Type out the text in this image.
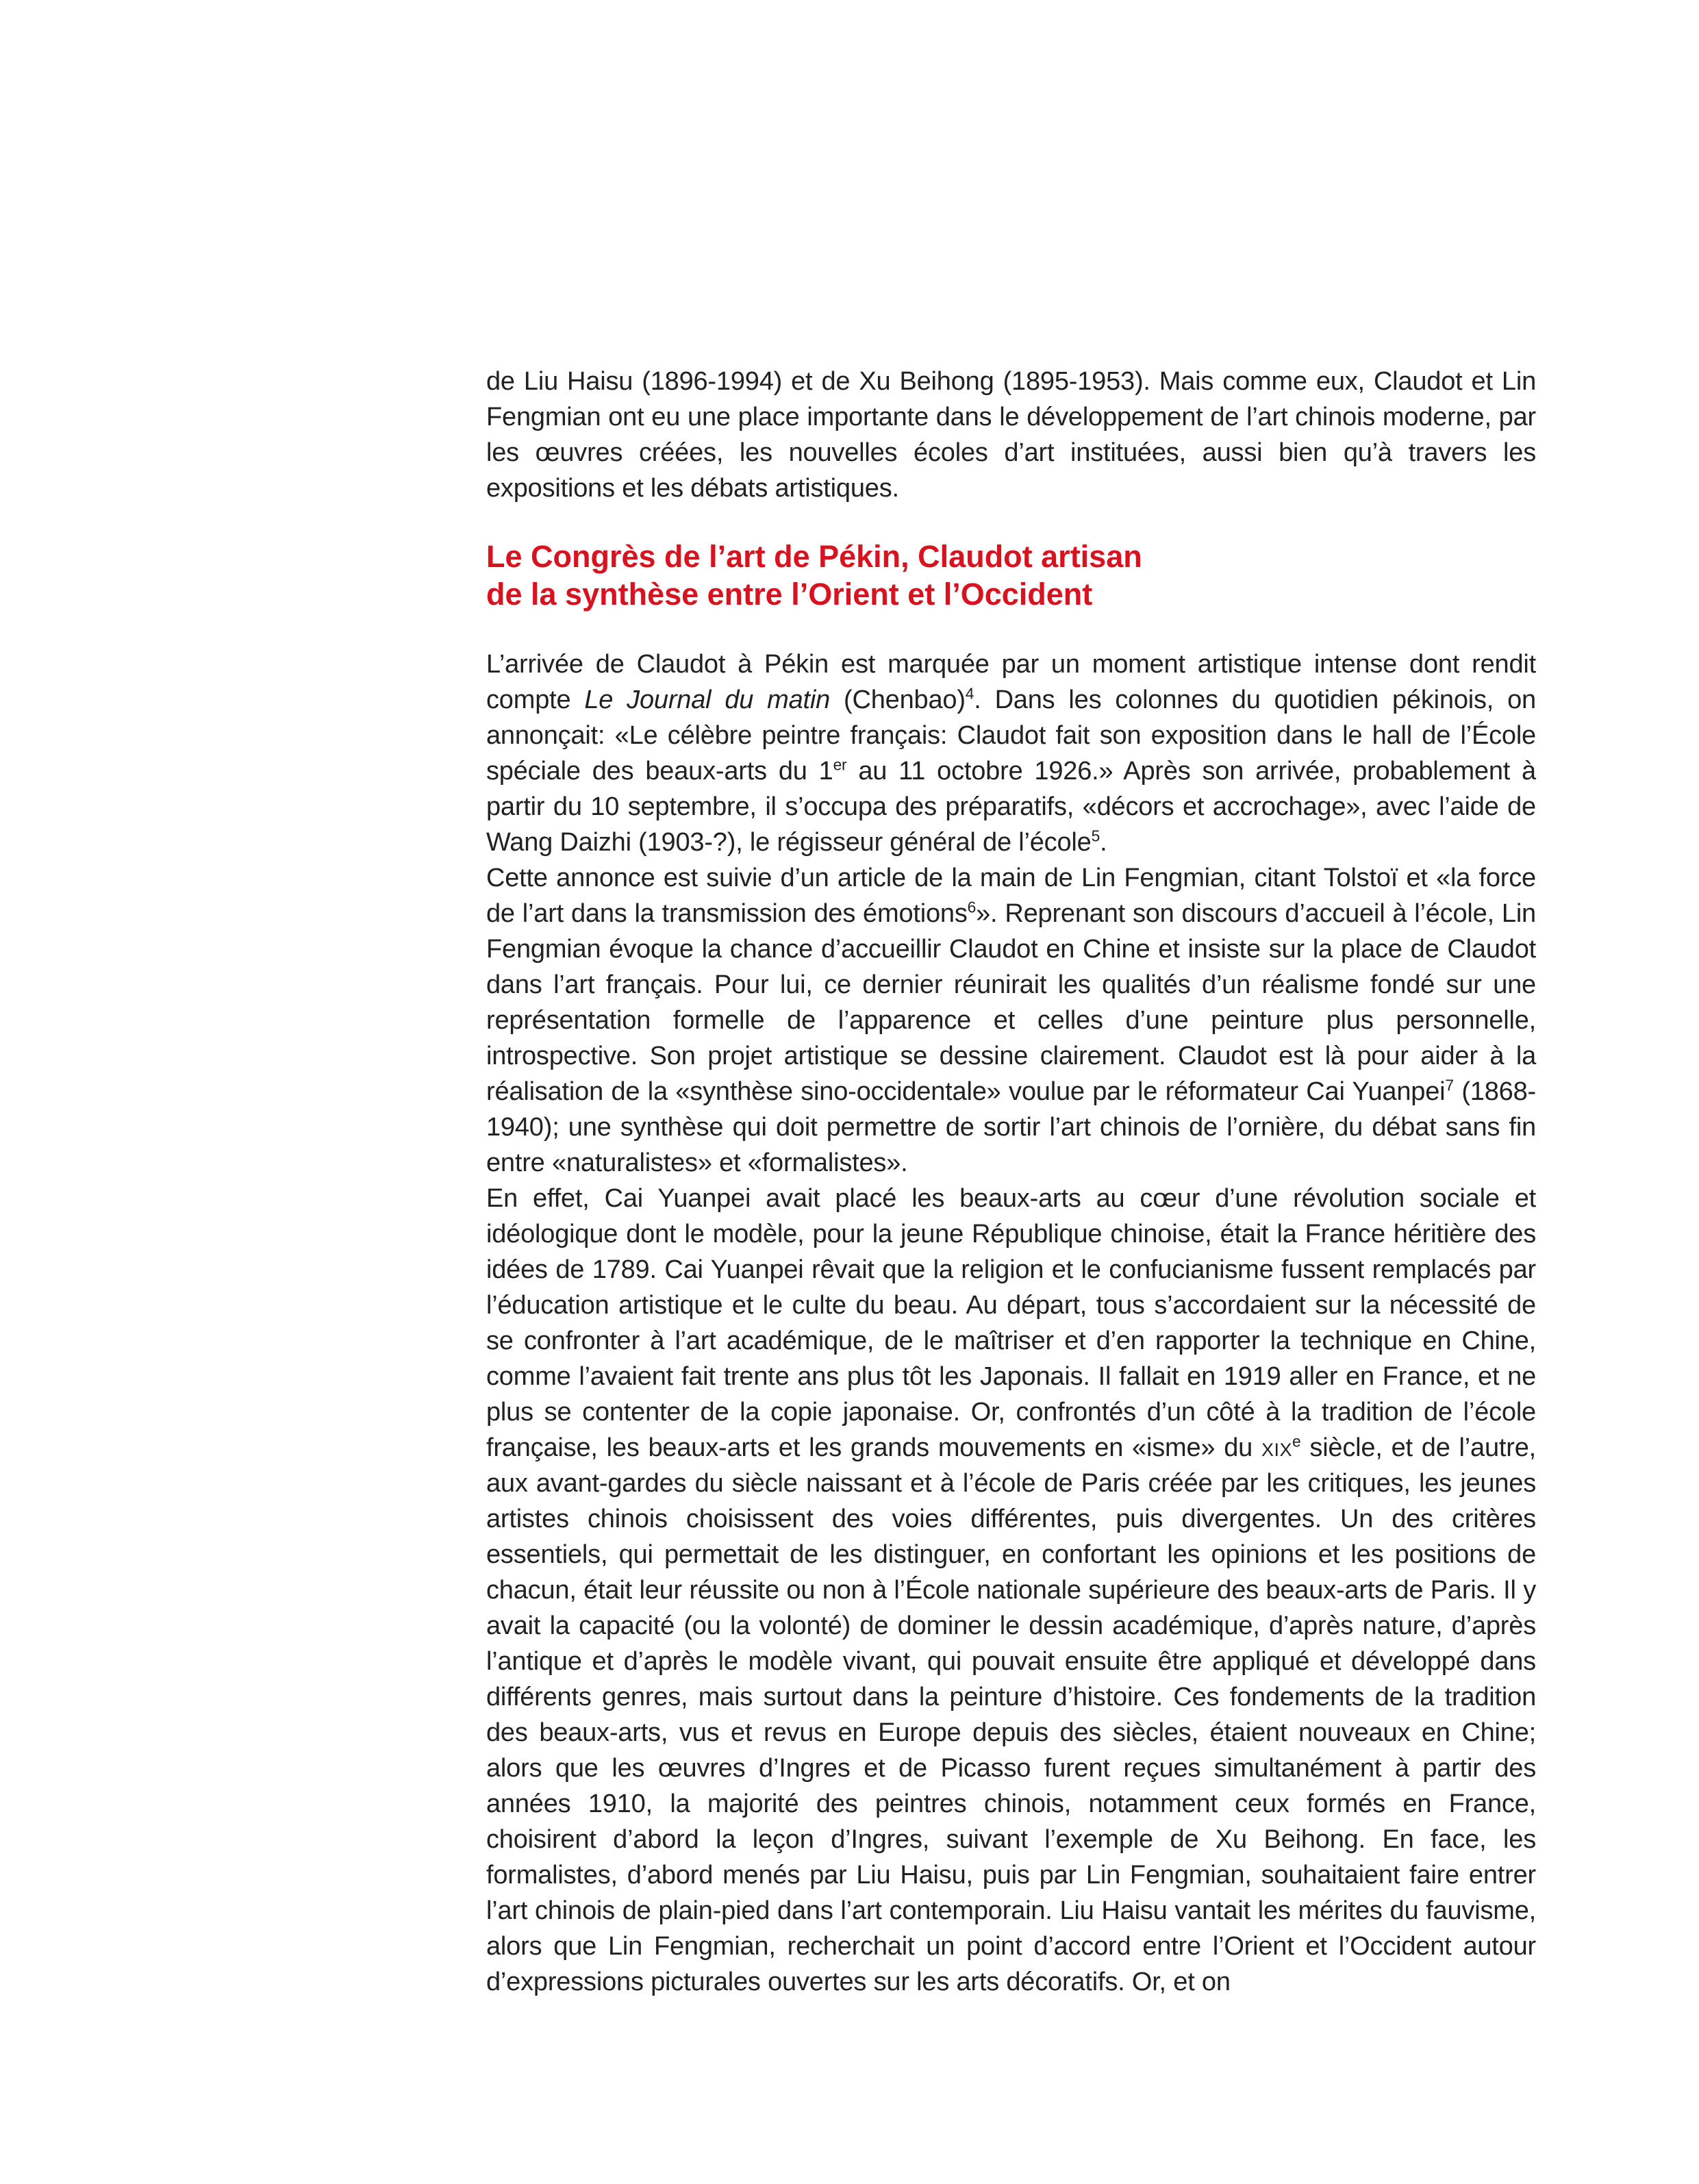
de Liu Haisu (1896-1994) et de Xu Beihong (1895-1953). Mais comme eux, Claudot et Lin Fengmian ont eu une place importante dans le développement de l’art chinois moderne, par les œuvres créées, les nouvelles écoles d’art instituées, aussi bien qu’à travers les expositions et les débats artistiques.

Le Congrès de l’art de Pékin, Claudot artisan
de la synthèse entre l’Orient et l’Occident

L’arrivée de Claudot à Pékin est marquée par un moment artistique intense dont rendit compte Le Journal du matin (Chenbao)$^4$. Dans les colonnes du quotidien pékinois, on annonçait: «Le célèbre peintre français: Claudot fait son exposition dans le hall de l’École spéciale des beaux-arts du 1er au 11 octobre 1926.» Après son arrivée, probablement à partir du 10 septembre, il s’occupa des préparatifs, «décors et accrochage», avec l’aide de Wang Daizhi (1903-?), le régisseur général de l’école$^5$.

Cette annonce est suivie d’un article de la main de Lin Fengmian, citant Tolstoï et «la force de l’art dans la transmission des émotions$^6$». Reprenant son discours d’accueil à l’école, Lin Fengmian évoque la chance d’accueillir Claudot en Chine et insiste sur la place de Claudot dans l’art français. Pour lui, ce dernier réunirait les qualités d’un réalisme fondé sur une représentation formelle de l’apparence et celles d’une peinture plus personnelle, introspective. Son projet artistique se dessine clairement. Claudot est là pour aider à la réalisation de la «synthèse sino-occidentale» voulue par le réformateur Cai Yuanpei$^7$ (1868-1940); une synthèse qui doit permettre de sortir l’art chinois de l’ornière, du débat sans fin entre «naturalistes» et «formalistes».

En effet, Cai Yuanpei avait placé les beaux-arts au cœur d’une révolution sociale et idéologique dont le modèle, pour la jeune République chinoise, était la France héritière des idées de 1789. Cai Yuanpei rêvait que la religion et le confucianisme fussent remplacés par l’éducation artistique et le culte du beau. Au départ, tous s’accordaient sur la nécessité de se confronter à l’art académique, de le maîtriser et d’en rapporter la technique en Chine, comme l’avaient fait trente ans plus tôt les Japonais. Il fallait en 1919 aller en France, et ne plus se contenter de la copie japonaise. Or, confrontés d’un côté à la tradition de l’école française, les beaux-arts et les grands mouvements en «isme» du xix$^e$ siècle, et de l’autre, aux avant-gardes du siècle naissant et à l’école de Paris créée par les critiques, les jeunes artistes chinois choisissent des voies différentes, puis divergentes. Un des critères essentiels, qui permettait de les distinguer, en confortant les opinions et les positions de chacun, était leur réussite ou non à l’École nationale supérieure des beaux-arts de Paris. Il y avait la capacité (ou la volonté) de dominer le dessin académique, d’après nature, d’après l’antique et d’après le modèle vivant, qui pouvait ensuite être appliqué et développé dans différents genres, mais surtout dans la peinture d’histoire. Ces fondements de la tradition des beaux-arts, vus et revus en Europe depuis des siècles, étaient nouveaux en Chine; alors que les œuvres d’Ingres et de Picasso furent reçues simultanément à partir des années 1910, la majorité des peintres chinois, notamment ceux formés en France, choisirent d’abord la leçon d’Ingres, suivant l’exemple de Xu Beihong. En face, les formalistes, d’abord menés par Liu Haisu, puis par Lin Fengmian, souhaitaient faire entrer l’art chinois de plain-pied dans l’art contemporain. Liu Haisu vantait les mérites du fauvisme, alors que Lin Fengmian, recherchait un point d’accord entre l’Orient et l’Occident autour d’expressions picturales ouvertes sur les arts décoratifs. Or, et on
